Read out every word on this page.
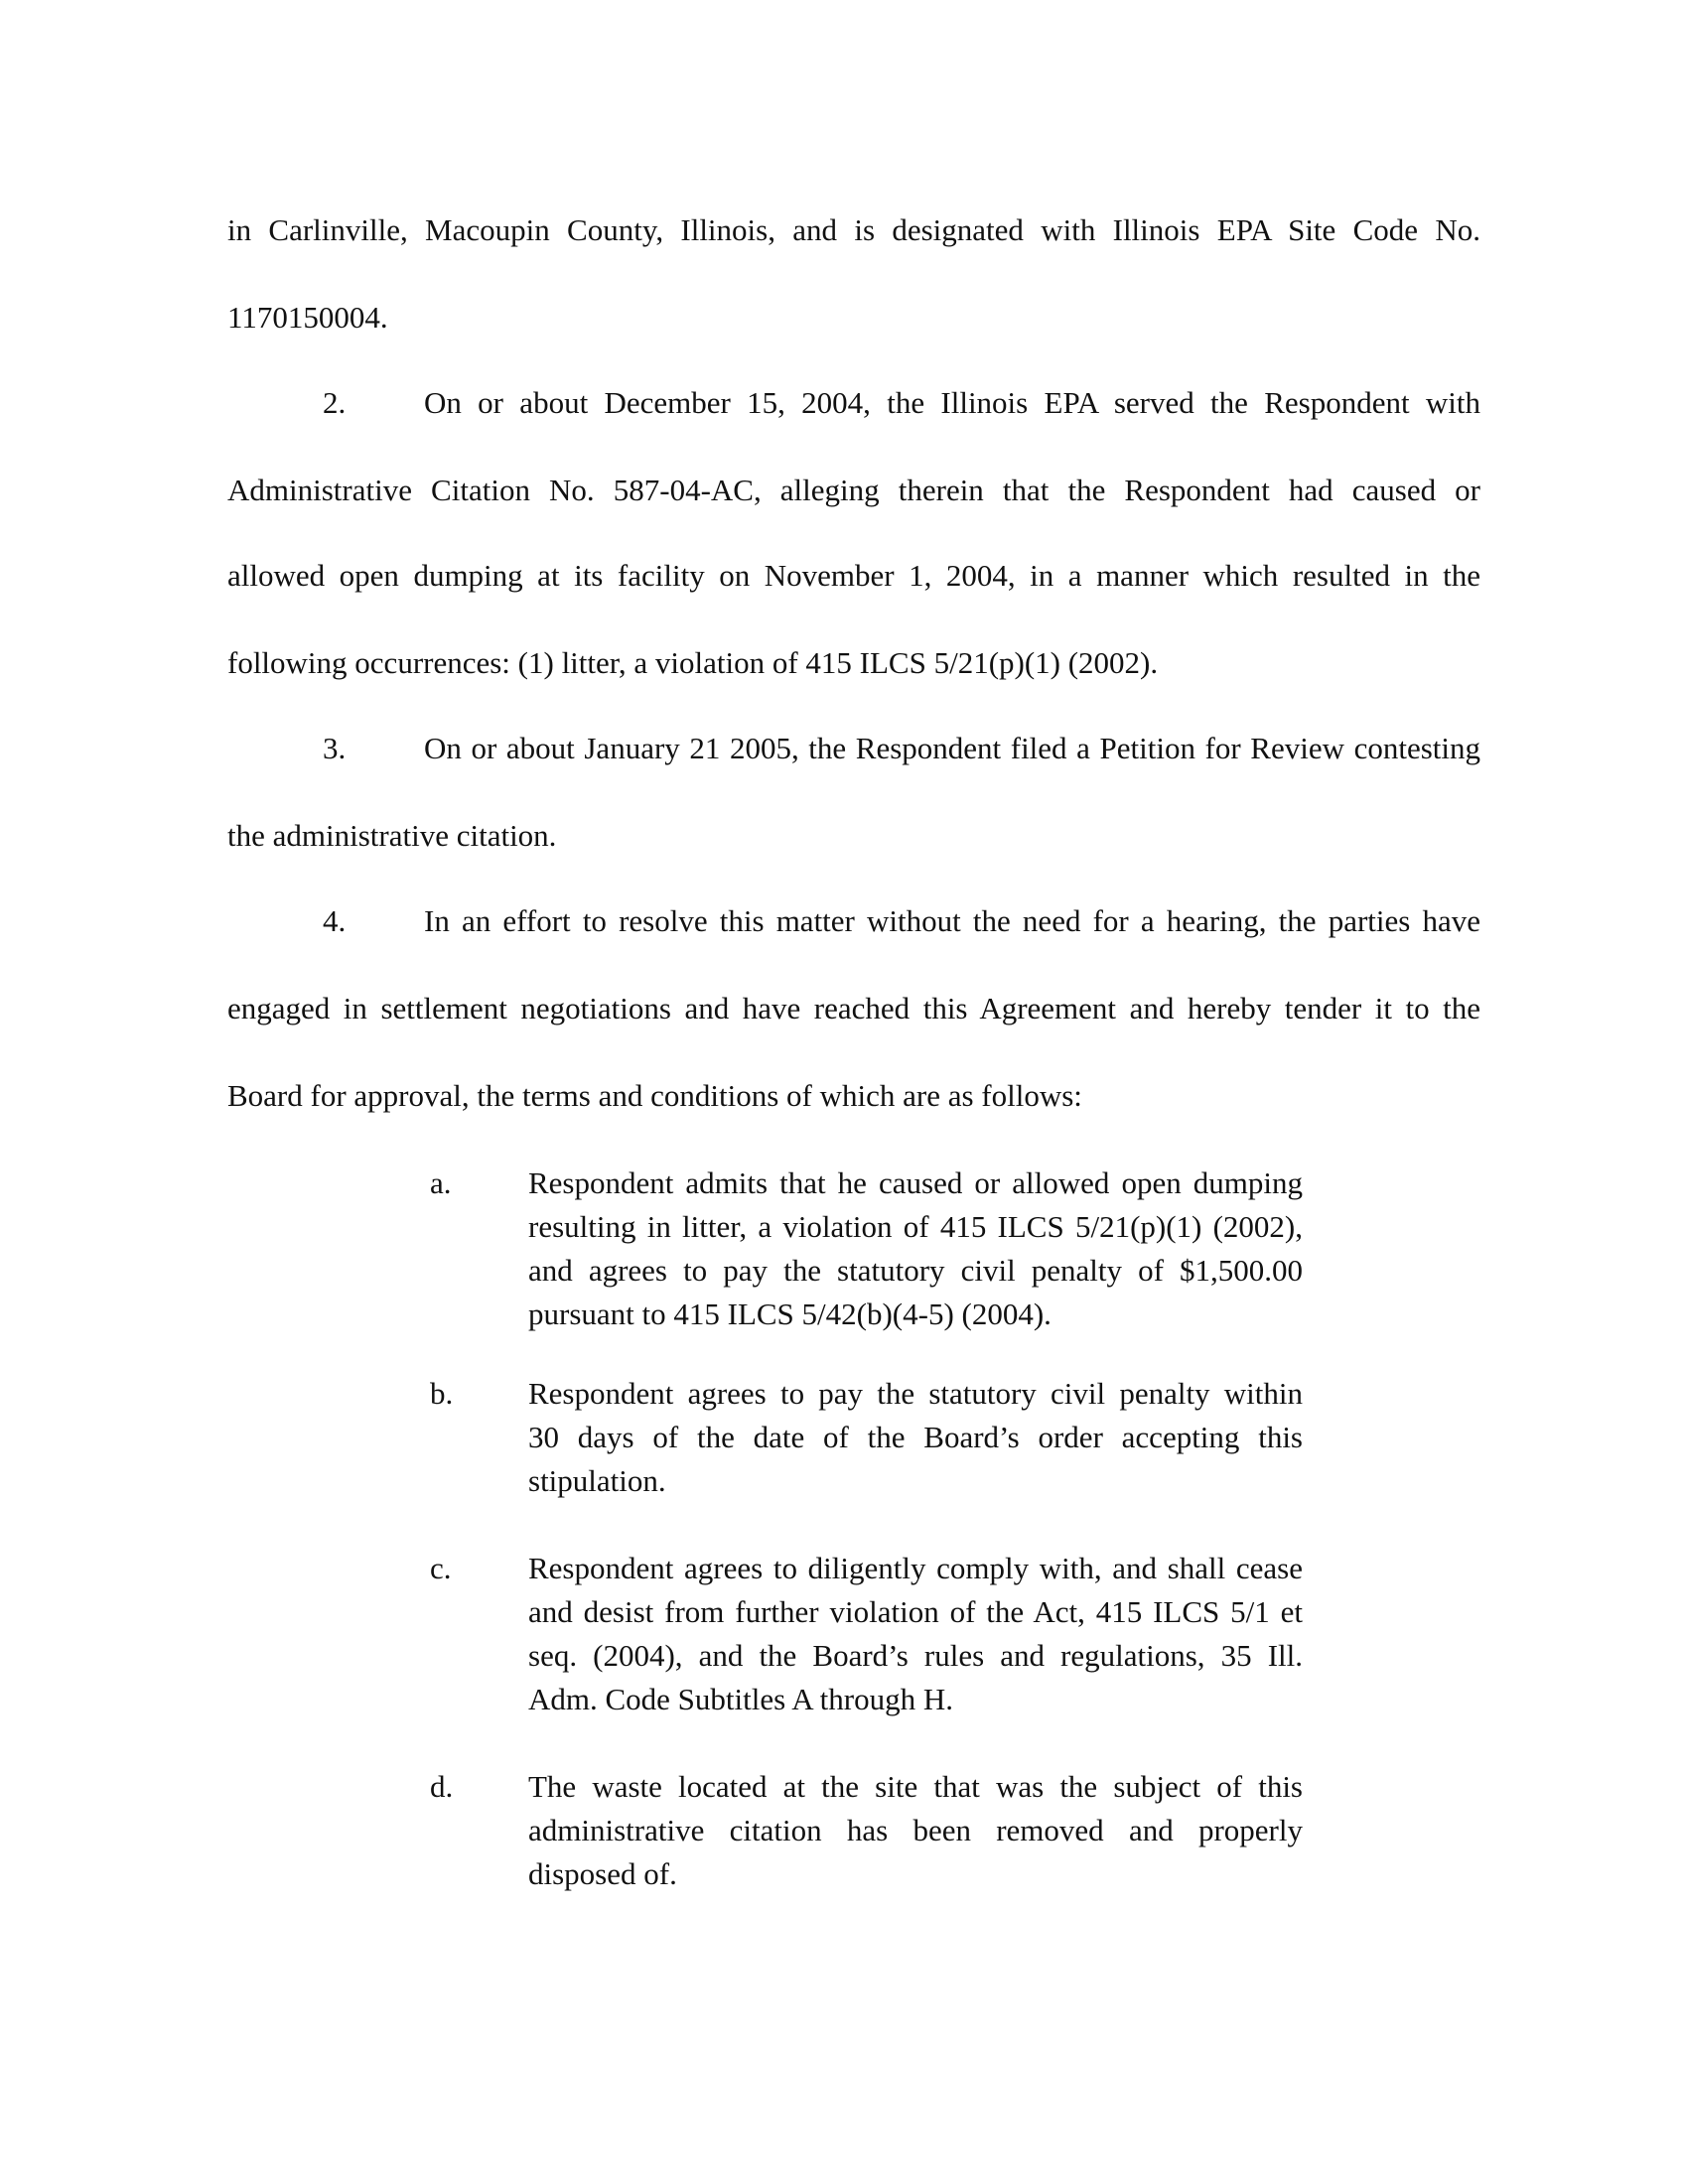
in Carlinville, Macoupin County, Illinois, and is designated with Illinois EPA Site Code No.
1170150004.
2.	On or about December 15, 2004, the Illinois EPA served the Respondent with
Administrative Citation No. 587-04-AC, alleging therein that the Respondent had caused or
allowed open dumping at its facility on November 1, 2004, in a manner which resulted in the
following occurrences: (1) litter, a violation of 415 ILCS 5/21(p)(1) (2002).
3.	On or about January 21 2005, the Respondent filed a Petition for Review contesting
the administrative citation.
4.	In an effort to resolve this matter without the need for a hearing, the parties have
engaged in settlement negotiations and have reached this Agreement and hereby tender it to the
Board for approval, the terms and conditions of which are as follows:
a. Respondent admits that he caused or allowed open dumping
resulting in litter, a violation of 415 ILCS 5/21(p)(1) (2002),
and agrees to pay the statutory civil penalty of $1,500.00
pursuant to 415 ILCS 5/42(b)(4-5) (2004).
b. Respondent agrees to pay the statutory civil penalty within
30 days of the date of the Board’s order accepting this
stipulation.
c. Respondent agrees to diligently comply with, and shall cease
and desist from further violation of the Act, 415 ILCS 5/1 et
seq. (2004), and the Board’s rules and regulations, 35 Ill.
Adm. Code Subtitles A through H.
d. The waste located at the site that was the subject of this
administrative citation has been removed and properly
disposed of.
